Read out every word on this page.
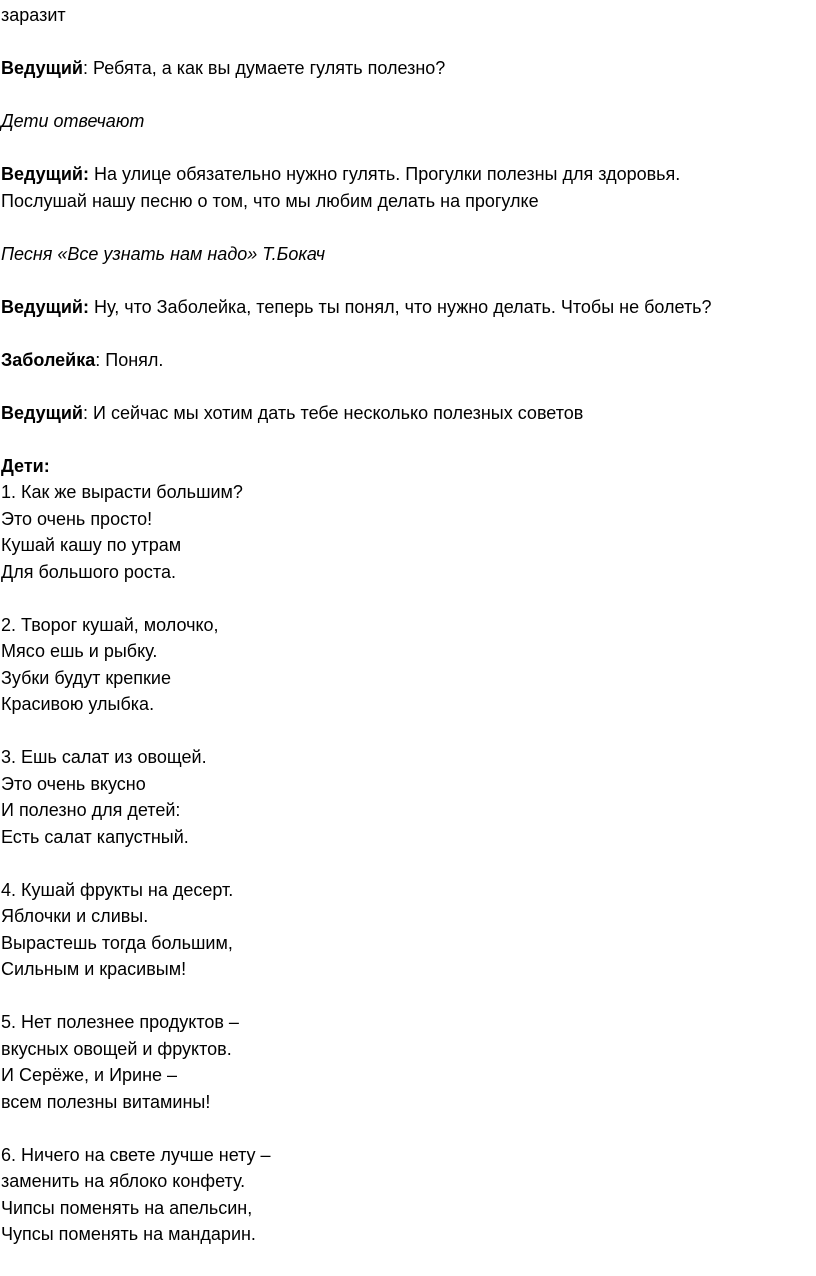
заразит

Ведущий: Ребята, а как вы думаете гулять полезно?

Дети отвечают

Ведущий: На улице обязательно нужно гулять. Прогулки полезны для здоровья.

Послушай нашу песню о том, что мы любим делать на прогулке

Песня «Все узнать нам надо» Т.Бокач

Ведущий: Ну, что Заболейка, теперь ты понял, что нужно делать. Чтобы не болеть?

Заболейка: Понял.

Ведущий: И сейчас мы хотим дать тебе несколько полезных советов

Дети:

1. Как же вырасти большим?

Это очень просто!

Кушай кашу по утрам

Для большого роста.

2. Творог кушай, молочко,

Мясо ешь и рыбку.

Зубки будут крепкие

Красивою улыбка.

3. Ешь салат из овощей.

Это очень вкусно

И полезно для детей:

Есть салат капустный.

4. Кушай фрукты на десерт.

Яблочки и сливы.

Вырастешь тогда большим,

Сильным и красивым!

5. Нет полезнее продуктов –

вкусных овощей и фруктов.

И Серёже, и Ирине –

всем полезны витамины!

6. Ничего на свете лучше нету –

заменить на яблоко конфету.

Чипсы поменять на апельсин,

Чупсы поменять на мандарин.
